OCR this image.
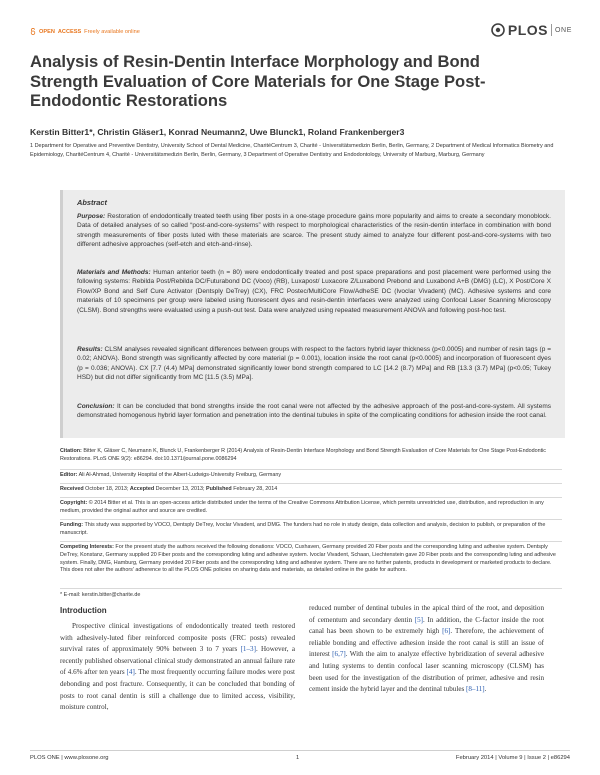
OPEN ACCESS Freely available online	PLOS ONE
Analysis of Resin-Dentin Interface Morphology and Bond Strength Evaluation of Core Materials for One Stage Post-Endodontic Restorations
Kerstin Bitter1*, Christin Gläser1, Konrad Neumann2, Uwe Blunck1, Roland Frankenberger3
1 Department for Operative and Preventive Dentistry, University School of Dental Medicine, CharitéCentrum 3, Charité - Universitätsmedizin Berlin, Berlin, Germany, 2 Department of Medical Informatics Biometry and Epidemiology, CharitéCentrum 4, Charité - Universitätsmedizin Berlin, Berlin, Germany, 3 Department of Operative Dentistry and Endodontology, University of Marburg, Marburg, Germany
Abstract

Purpose: Restoration of endodontically treated teeth using fiber posts in a one-stage procedure gains more popularity and aims to create a secondary monoblock. Data of detailed analyses of so called “post-and-core-systems” with respect to morphological characteristics of the resin-dentin interface in combination with bond strength measurements of fiber posts luted with these materials are scarce. The present study aimed to analyze four different post-and-core-systems with two different adhesive approaches (self-etch and etch-and-rinse).

Materials and Methods: Human anterior teeth (n = 80) were endodontically treated and post space preparations and post placement were performed using the following systems: Rebilda Post/Rebilda DC/Futurabond DC (Voco) (RB), Luxapost/ Luxacore Z/Luxabond Prebond and Luxabond A+B (DMG) (LC), X Post/Core X Flow/XP Bond and Self Cure Activator (Dentsply DeTrey) (CX), FRC Postec/MultiCore Flow/AdheSE DC (Ivoclar Vivadent) (MC). Adhesive systems and core materials of 10 specimens per group were labeled using fluorescent dyes and resin-dentin interfaces were analyzed using Confocal Laser Scanning Microscopy (CLSM). Bond strengths were evaluated using a push-out test. Data were analyzed using repeated measurement ANOVA and following post-hoc test.

Results: CLSM analyses revealed significant differences between groups with respect to the factors hybrid layer thickness (p<0.0005) and number of resin tags (p = 0.02; ANOVA). Bond strength was significantly affected by core material (p = 0.001), location inside the root canal (p<0.0005) and incorporation of fluorescent dyes (p = 0.036; ANOVA). CX [7.7 (4.4) MPa] demonstrated significantly lower bond strength compared to LC [14.2 (8.7) MPa] and RB [13.3 (3.7) MPa] (p<0.05; Tukey HSD) but did not differ significantly from MC [11.5 (3.5) MPa].

Conclusion: It can be concluded that bond strengths inside the root canal were not affected by the adhesive approach of the post-and-core-system. All systems demonstrated homogenous hybrid layer formation and penetration into the dentinal tubules in spite of the complicating conditions for adhesion inside the root canal.

Citation: Bitter K, Gläser C, Neumann K, Blunck U, Frankenberger R (2014) Analysis of Resin-Dentin Interface Morphology and Bond Strength Evaluation of Core Materials for One Stage Post-Endodontic Restorations. PLoS ONE 9(2): e86294. doi:10.1371/journal.pone.0086294

Editor: Ali Al-Ahmad, University Hospital of the Albert-Ludwigs-University Freiburg, Germany

Received October 18, 2013; Accepted December 13, 2013; Published February 28, 2014

Copyright: © 2014 Bitter et al. This is an open-access article distributed under the terms of the Creative Commons Attribution License, which permits unrestricted use, distribution, and reproduction in any medium, provided the original author and source are credited.

Funding: This study was supported by VOCO, Dentsply DeTrey, Ivoclar Vivadent, and DMG. The funders had no role in study design, data collection and analysis, decision to publish, or preparation of the manuscript.

Competing Interests: For the present study the authors received the following donations: VOCO, Cuxhaven, Germany provided 20 Fiber posts and the corresponding luting and adhesive system. Dentsply DeTrey, Konstanz, Germany supplied 20 Fiber posts and the corresponding luting and adhesive system. Ivoclar Vivadent, Schaan, Liechtenstein gave 20 Fiber posts and the corresponding luting and adhesive system. Finally, DMG, Hamburg, Germany provided 20 Fiber posts and the corresponding luting and adhesive system. There are no further patents, products in development or marketed products to declare. This does not alter the authors' adherence to all the PLOS ONE policies on sharing data and materials, as detailed online in the guide for authors.

* E-mail: kerstin.bitter@charite.de

Introduction

Prospective clinical investigations of endodontically treated teeth restored with adhesively-luted fiber reinforced composite posts (FRC posts) revealed survival rates of approximately 90% between 3 to 7 years [1–3]. However, a recently published observational clinical study demonstrated an annual failure rate of 4.6% after ten years [4]. The most frequently occurring failure modes were post debonding and post fracture. Consequently, it can be concluded that bonding of posts to root canal dentin is still a challenge due to limited access, visibility, moisture control,

reduced number of dentinal tubules in the apical third of the root, and deposition of cementum and secondary dentin [5]. In addition, the C-factor inside the root canal has been shown to be extremely high [6]. Therefore, the achievement of reliable bonding and effective adhesion inside the root canal is still an issue of interest [6,7]. With the aim to analyze effective hybridization of several adhesive and luting systems to dentin confocal laser scanning microscopy (CLSM) has been used for the investigation of the distribution of primer, adhesive and resin cement inside the hybrid layer and the dentinal tubules [8–11].

PLOS ONE | www.plosone.org	1	February 2014 | Volume 9 | Issue 2 | e86294
